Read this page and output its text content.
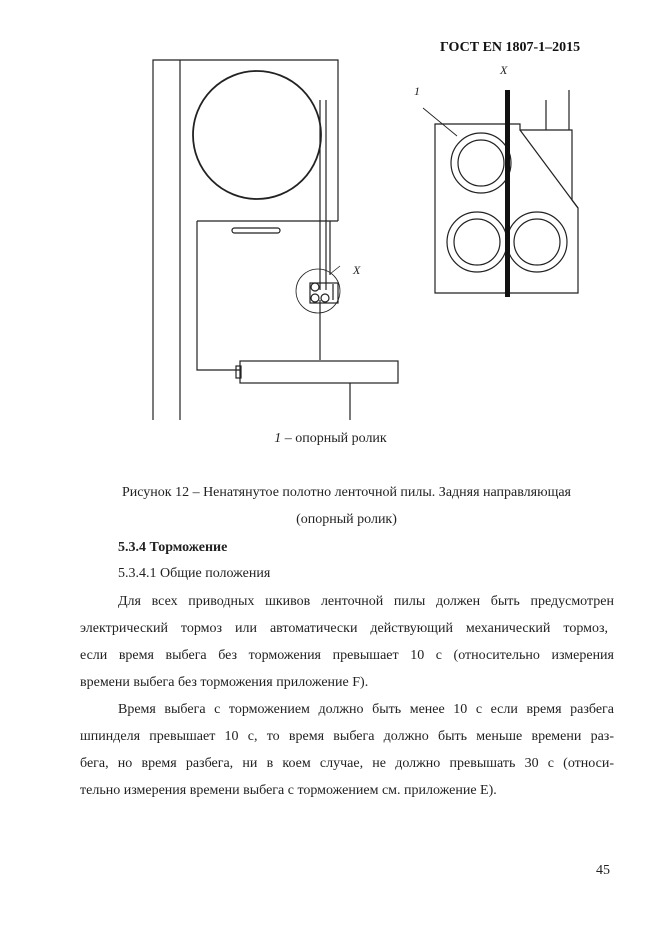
ГОСТ EN 1807-1–2015
X
X
1
1 – опорный ролик
Рисунок 12 – Ненатянутое полотно ленточной пилы. Задняя направляющая
(опорный ролик)
5.3.4 Торможение
5.3.4.1 Общие положения
Для всех приводных шкивов ленточной пилы должен быть предусмотрен
электрический тормоз или автоматически действующий механический тормоз,
если время выбега без торможения превышает 10 с (относительно измерения
времени выбега без торможения приложение F).
Время выбега с торможением должно быть менее 10 с если время разбега
шпинделя превышает 10 с, то время выбега должно быть меньше времени раз-
бега, но время разбега, ни в коем случае, не должно превышать 30 с (относи-
тельно измерения времени выбега с торможением см. приложение E).
45
